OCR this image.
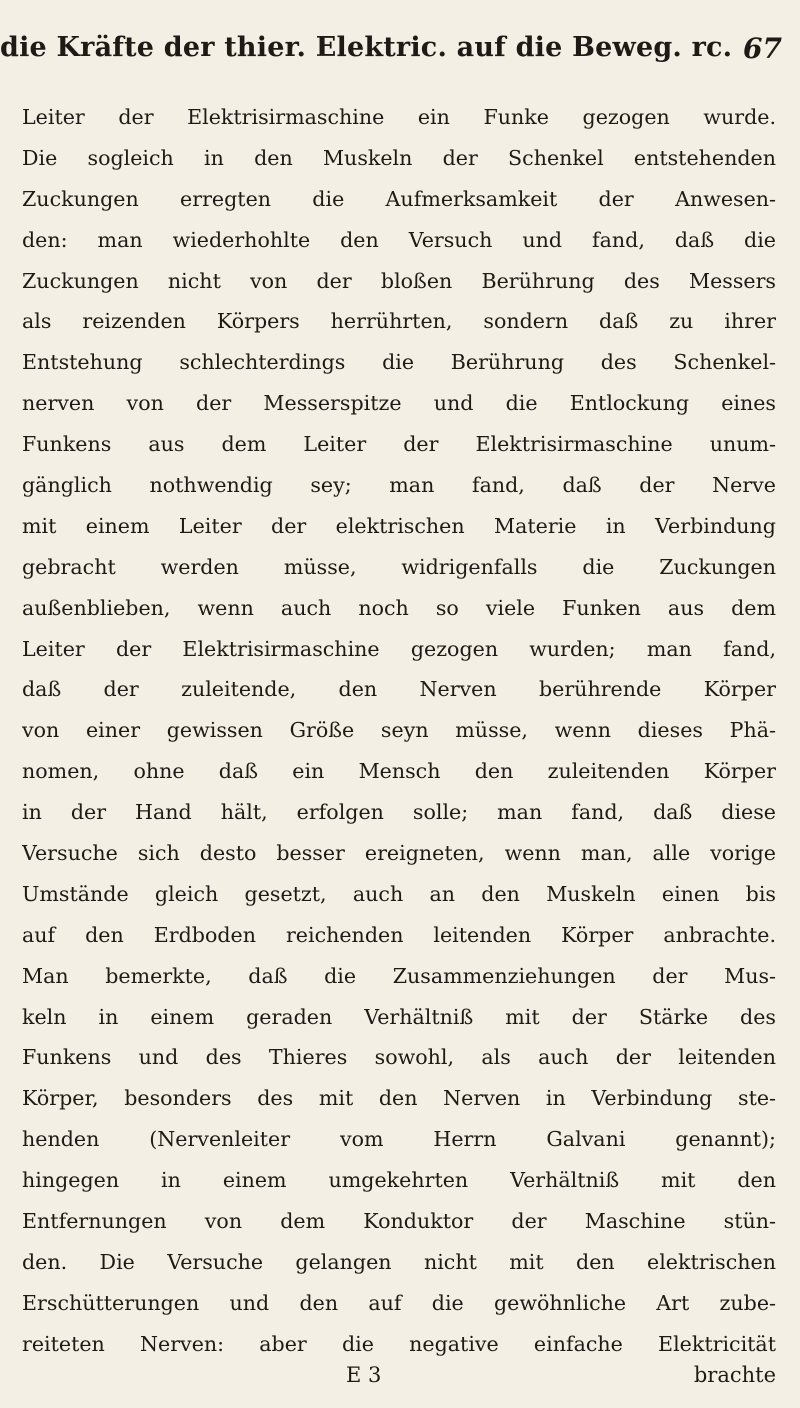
die Kräfte der thier. Elektric. auf die Beweg. rc. 67
Leiter der Elektrisirmaschine ein Funke gezogen wurde.
Die sogleich in den Muskeln der Schenkel entstehenden
Zuckungen erregten die Aufmerksamkeit der Anwesen-
den: man wiederhohlte den Versuch und fand, daß die
Zuckungen nicht von der bloßen Berührung des Messers
als reizenden Körpers herrührten, sondern daß zu ihrer
Entstehung schlechterdings die Berührung des Schenkel-
nerven von der Messerspitze und die Entlockung eines
Funkens aus dem Leiter der Elektrisirmaschine unum-
gänglich nothwendig sey; man fand, daß der Nerve
mit einem Leiter der elektrischen Materie in Verbindung
gebracht werden müsse, widrigenfalls die Zuckungen
außenblieben, wenn auch noch so viele Funken aus dem
Leiter der Elektrisirmaschine gezogen wurden; man fand,
daß der zuleitende, den Nerven berührende Körper
von einer gewissen Größe seyn müsse, wenn dieses Phä-
nomen, ohne daß ein Mensch den zuleitenden Körper
in der Hand hält, erfolgen solle; man fand, daß diese
Versuche sich desto besser ereigneten, wenn man, alle vorige
Umstände gleich gesetzt, auch an den Muskeln einen bis
auf den Erdboden reichenden leitenden Körper anbrachte.
Man bemerkte, daß die Zusammenziehungen der Mus-
keln in einem geraden Verhältniß mit der Stärke des
Funkens und des Thieres sowohl, als auch der leitenden
Körper, besonders des mit den Nerven in Verbindung ste-
henden (Nervenleiter vom Herrn Galvani genannt);
hingegen in einem umgekehrten Verhältniß mit den
Entfernungen von dem Konduktor der Maschine stün-
den. Die Versuche gelangen nicht mit den elektrischen
Erschütterungen und den auf die gewöhnliche Art zube-
reiteten Nerven: aber die negative einfache Elektricität
E 3	brachte
